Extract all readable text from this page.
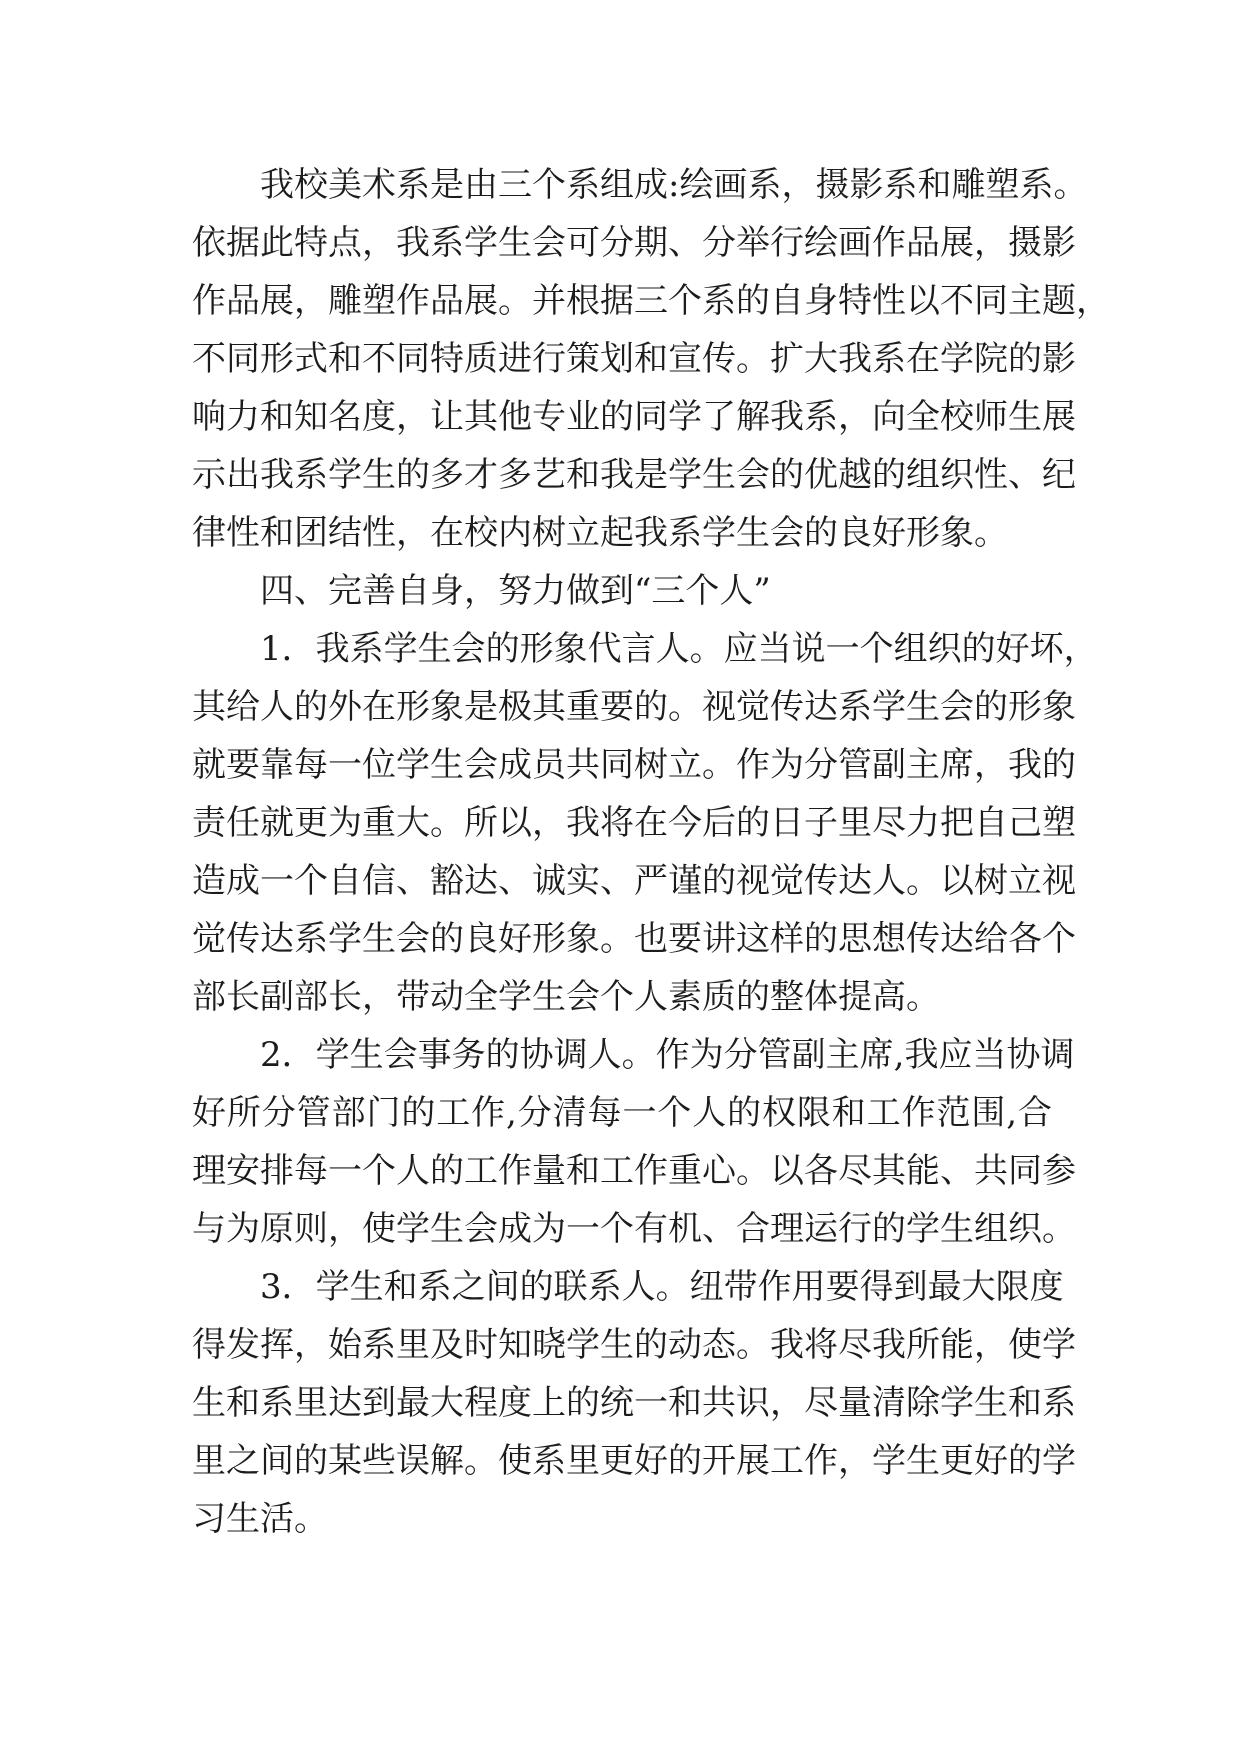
我校美术系是由三个系组成:绘画系，摄影系和雕塑系。
依据此特点，我系学生会可分期、分举行绘画作品展，摄影
作品展，雕塑作品展。并根据三个系的自身特性以不同主题，
不同形式和不同特质进行策划和宣传。扩大我系在学院的影
响力和知名度，让其他专业的同学了解我系，向全校师生展
示出我系学生的多才多艺和我是学生会的优越的组织性、纪
律性和团结性，在校内树立起我系学生会的良好形象。
四、完善自身，努力做到“三个人”
1．我系学生会的形象代言人。应当说一个组织的好坏，
其给人的外在形象是极其重要的。视觉传达系学生会的形象
就要靠每一位学生会成员共同树立。作为分管副主席，我的
责任就更为重大。所以，我将在今后的日子里尽力把自己塑
造成一个自信、豁达、诚实、严谨的视觉传达人。以树立视
觉传达系学生会的良好形象。也要讲这样的思想传达给各个
部长副部长，带动全学生会个人素质的整体提高。
2．学生会事务的协调人。作为分管副主席,我应当协调
好所分管部门的工作,分清每一个人的权限和工作范围,合
理安排每一个人的工作量和工作重心。以各尽其能、共同参
与为原则，使学生会成为一个有机、合理运行的学生组织。
3．学生和系之间的联系人。纽带作用要得到最大限度
得发挥，始系里及时知晓学生的动态。我将尽我所能，使学
生和系里达到最大程度上的统一和共识，尽量清除学生和系
里之间的某些误解。使系里更好的开展工作，学生更好的学
习生活。
